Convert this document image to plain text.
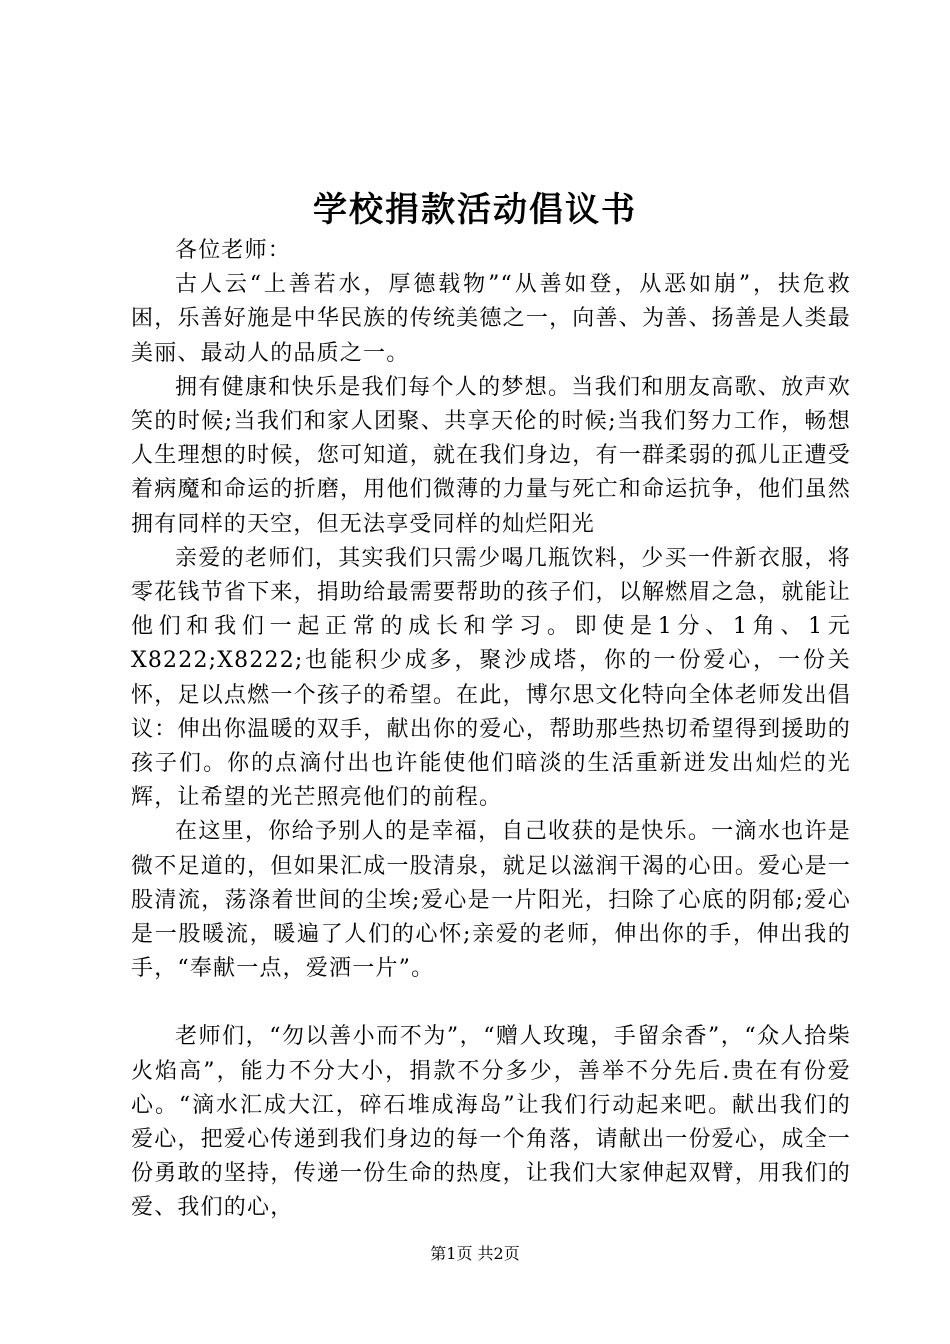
学校捐款活动倡议书

各位老师：

古人云“上善若水，厚德载物”“从善如登，从恶如崩”，扶危救困，乐善好施是中华民族的传统美德之一，向善、为善、扬善是人类最美丽、最动人的品质之一。

拥有健康和快乐是我们每个人的梦想。当我们和朋友高歌、放声欢笑的时候;当我们和家人团聚、共享天伦的时候;当我们努力工作，畅想人生理想的时候，您可知道，就在我们身边，有一群柔弱的孤儿正遭受着病魔和命运的折磨，用他们微薄的力量与死亡和命运抗争，他们虽然拥有同样的天空，但无法享受同样的灿烂阳光

亲爱的老师们，其实我们只需少喝几瓶饮料，少买一件新衣服，将零花钱节省下来，捐助给最需要帮助的孩子们，以解燃眉之急，就能让他们和我们一起正常的成长和学习。即使是1分、1角、1元X8222;X8222;也能积少成多，聚沙成塔，你的一份爱心，一份关怀，足以点燃一个孩子的希望。在此，博尔思文化特向全体老师发出倡议：伸出你温暖的双手，献出你的爱心，帮助那些热切希望得到援助的孩子们。你的点滴付出也许能使他们暗淡的生活重新迸发出灿烂的光辉，让希望的光芒照亮他们的前程。

在这里，你给予别人的是幸福，自己收获的是快乐。一滴水也许是微不足道的，但如果汇成一股清泉，就足以滋润干渴的心田。爱心是一股清流，荡涤着世间的尘埃;爱心是一片阳光，扫除了心底的阴郁;爱心是一股暖流，暖遍了人们的心怀;亲爱的老师，伸出你的手，伸出我的手，“奉献一点，爱洒一片”。

老师们，“勿以善小而不为”，“赠人玫瑰，手留余香”，“众人拾柴火焰高”，能力不分大小，捐款不分多少，善举不分先后.贵在有份爱心。“滴水汇成大江，碎石堆成海岛”让我们行动起来吧。献出我们的爱心，把爱心传递到我们身边的每一个角落，请献出一份爱心，成全一份勇敢的坚持，传递一份生命的热度，让我们大家伸起双臂，用我们的爱、我们的心，

第1页 共2页
